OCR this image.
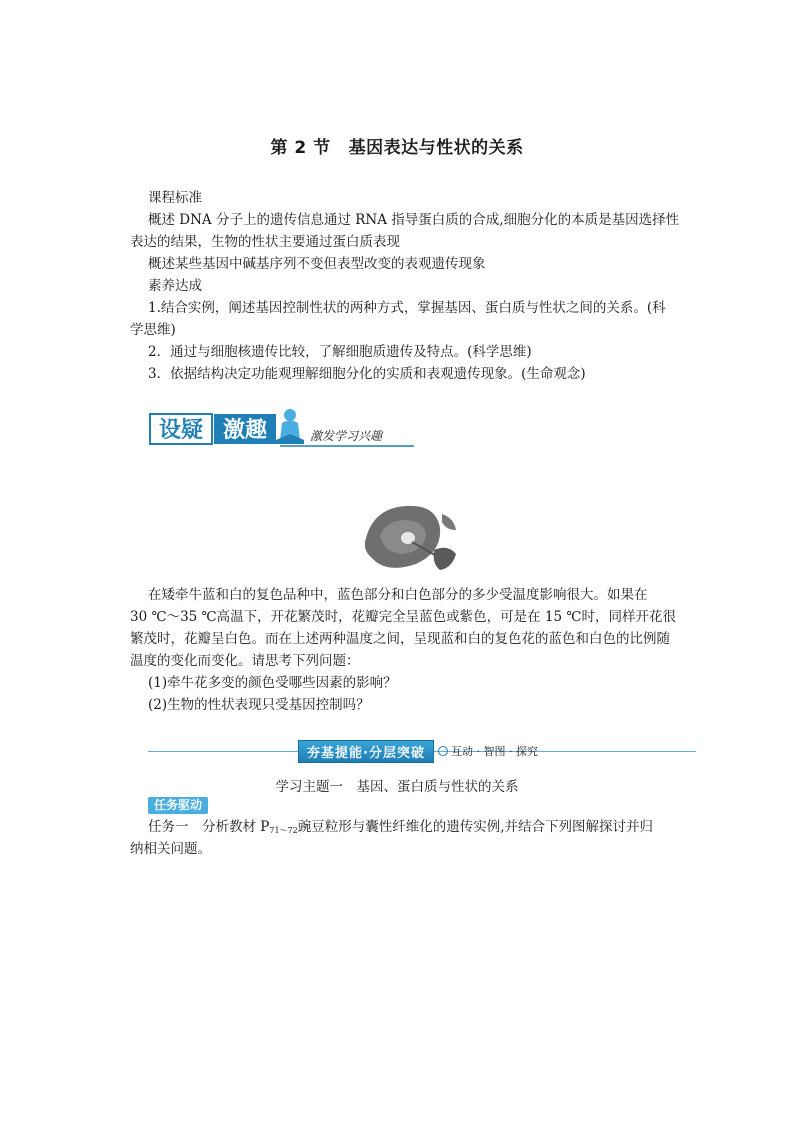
第 2 节 基因表达与性状的关系
课程标准
概述 DNA 分子上的遗传信息通过 RNA 指导蛋白质的合成,细胞分化的本质是基因选择性
表达的结果，生物的性状主要通过蛋白质表现
概述某些基因中碱基序列不变但表型改变的表观遗传现象
素养达成
1.结合实例，阐述基因控制性状的两种方式，掌握基因、蛋白质与性状之间的关系。(科
学思维)
2．通过与细胞核遗传比较，了解细胞质遗传及特点。(科学思维)
3．依据结构决定功能观理解细胞分化的实质和表观遗传现象。(生命观念)
设疑 激趣	激发学习兴趣
在矮牵牛蓝和白的复色品种中，蓝色部分和白色部分的多少受温度影响很大。如果在
30 ℃～35 ℃高温下，开花繁茂时，花瓣完全呈蓝色或紫色，可是在 15 ℃时，同样开花很
繁茂时，花瓣呈白色。而在上述两种温度之间，呈现蓝和白的复色花的蓝色和白色的比例随
温度的变化而变化。请思考下列问题：
(1)牵牛花多变的颜色受哪些因素的影响？
(2)生物的性状表现只受基因控制吗？
夯基提能·分层突破	互动 · 智图 · 探究
学习主题一　基因、蛋白质与性状的关系
任务驱动
任务一　分析教材 $P_{71\sim 72}$豌豆粒形与囊性纤维化的遗传实例,并结合下列图解探讨并归
纳相关问题。
